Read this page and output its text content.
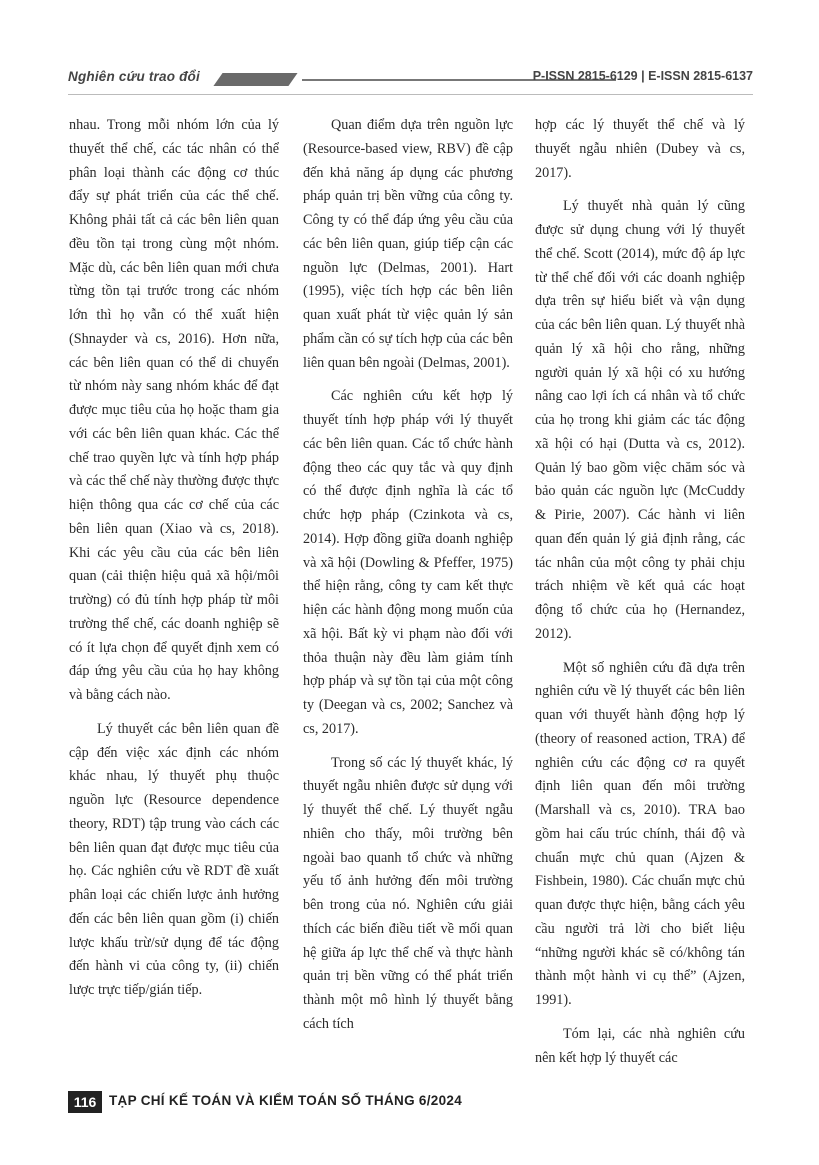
Nghiên cứu trao đổi	P-ISSN 2815-6129 | E-ISSN 2815-6137

nhau. Trong mỗi nhóm lớn của lý thuyết thể chế, các tác nhân có thể phân loại thành các động cơ thúc đẩy sự phát triển của các thể chế. Không phải tất cả các bên liên quan đều tồn tại trong cùng một nhóm. Mặc dù, các bên liên quan mới chưa từng tồn tại trước trong các nhóm lớn thì họ vẫn có thể xuất hiện (Shnayder và cs, 2016). Hơn nữa, các bên liên quan có thể di chuyển từ nhóm này sang nhóm khác để đạt được mục tiêu của họ hoặc tham gia với các bên liên quan khác. Các thể chế trao quyền lực và tính hợp pháp và các thể chế này thường được thực hiện thông qua các cơ chế của các bên liên quan (Xiao và cs, 2018). Khi các yêu cầu của các bên liên quan (cải thiện hiệu quả xã hội/môi trường) có đủ tính hợp pháp từ môi trường thể chế, các doanh nghiệp sẽ có ít lựa chọn để quyết định xem có đáp ứng yêu cầu của họ hay không và bằng cách nào.

Lý thuyết các bên liên quan đề cập đến việc xác định các nhóm khác nhau, lý thuyết phụ thuộc nguồn lực (Resource dependence theory, RDT) tập trung vào cách các bên liên quan đạt được mục tiêu của họ. Các nghiên cứu về RDT đề xuất phân loại các chiến lược ảnh hưởng đến các bên liên quan gồm (i) chiến lược khấu trừ/sử dụng để tác động đến hành vi của công ty, (ii) chiến lược trực tiếp/gián tiếp.

Quan điểm dựa trên nguồn lực (Resource-based view, RBV) đề cập đến khả năng áp dụng các phương pháp quản trị bền vững của công ty. Công ty có thể đáp ứng yêu cầu của các bên liên quan, giúp tiếp cận các nguồn lực (Delmas, 2001). Hart (1995), việc tích hợp các bên liên quan xuất phát từ việc quản lý sản phẩm cần có sự tích hợp của các bên liên quan bên ngoài (Delmas, 2001).

Các nghiên cứu kết hợp lý thuyết tính hợp pháp với lý thuyết các bên liên quan. Các tổ chức hành động theo các quy tắc và quy định có thể được định nghĩa là các tổ chức hợp pháp (Czinkota và cs, 2014). Hợp đồng giữa doanh nghiệp và xã hội (Dowling & Pfeffer, 1975) thể hiện rằng, công ty cam kết thực hiện các hành động mong muốn của xã hội. Bất kỳ vi phạm nào đối với thỏa thuận này đều làm giảm tính hợp pháp và sự tồn tại của một công ty (Deegan và cs, 2002; Sanchez và cs, 2017).

Trong số các lý thuyết khác, lý thuyết ngẫu nhiên được sử dụng với lý thuyết thể chế. Lý thuyết ngẫu nhiên cho thấy, môi trường bên ngoài bao quanh tổ chức và những yếu tố ảnh hưởng đến môi trường bên trong của nó. Nghiên cứu giải thích các biến điều tiết về mối quan hệ giữa áp lực thể chế và thực hành quản trị bền vững có thể phát triển thành một mô hình lý thuyết bằng cách tích

hợp các lý thuyết thể chế và lý thuyết ngẫu nhiên (Dubey và cs, 2017).

Lý thuyết nhà quản lý cũng được sử dụng chung với lý thuyết thể chế. Scott (2014), mức độ áp lực từ thể chế đối với các doanh nghiệp dựa trên sự hiểu biết và vận dụng của các bên liên quan. Lý thuyết nhà quản lý xã hội cho rằng, những người quản lý xã hội có xu hướng nâng cao lợi ích cá nhân và tổ chức của họ trong khi giảm các tác động xã hội có hại (Dutta và cs, 2012). Quản lý bao gồm việc chăm sóc và bảo quản các nguồn lực (McCuddy & Pirie, 2007). Các hành vi liên quan đến quản lý giả định rằng, các tác nhân của một công ty phải chịu trách nhiệm về kết quả các hoạt động tổ chức của họ (Hernandez, 2012).

Một số nghiên cứu đã dựa trên nghiên cứu về lý thuyết các bên liên quan với thuyết hành động hợp lý (theory of reasoned action, TRA) để nghiên cứu các động cơ ra quyết định liên quan đến môi trường (Marshall và cs, 2010). TRA bao gồm hai cấu trúc chính, thái độ và chuẩn mực chủ quan (Ajzen & Fishbein, 1980). Các chuẩn mực chủ quan được thực hiện, bằng cách yêu cầu người trả lời cho biết liệu “những người khác sẽ có/không tán thành một hành vi cụ thể” (Ajzen, 1991).

Tóm lại, các nhà nghiên cứu nên kết hợp lý thuyết các

116 TẠP CHÍ KẾ TOÁN VÀ KIỂM TOÁN SỐ THÁNG 6/2024
